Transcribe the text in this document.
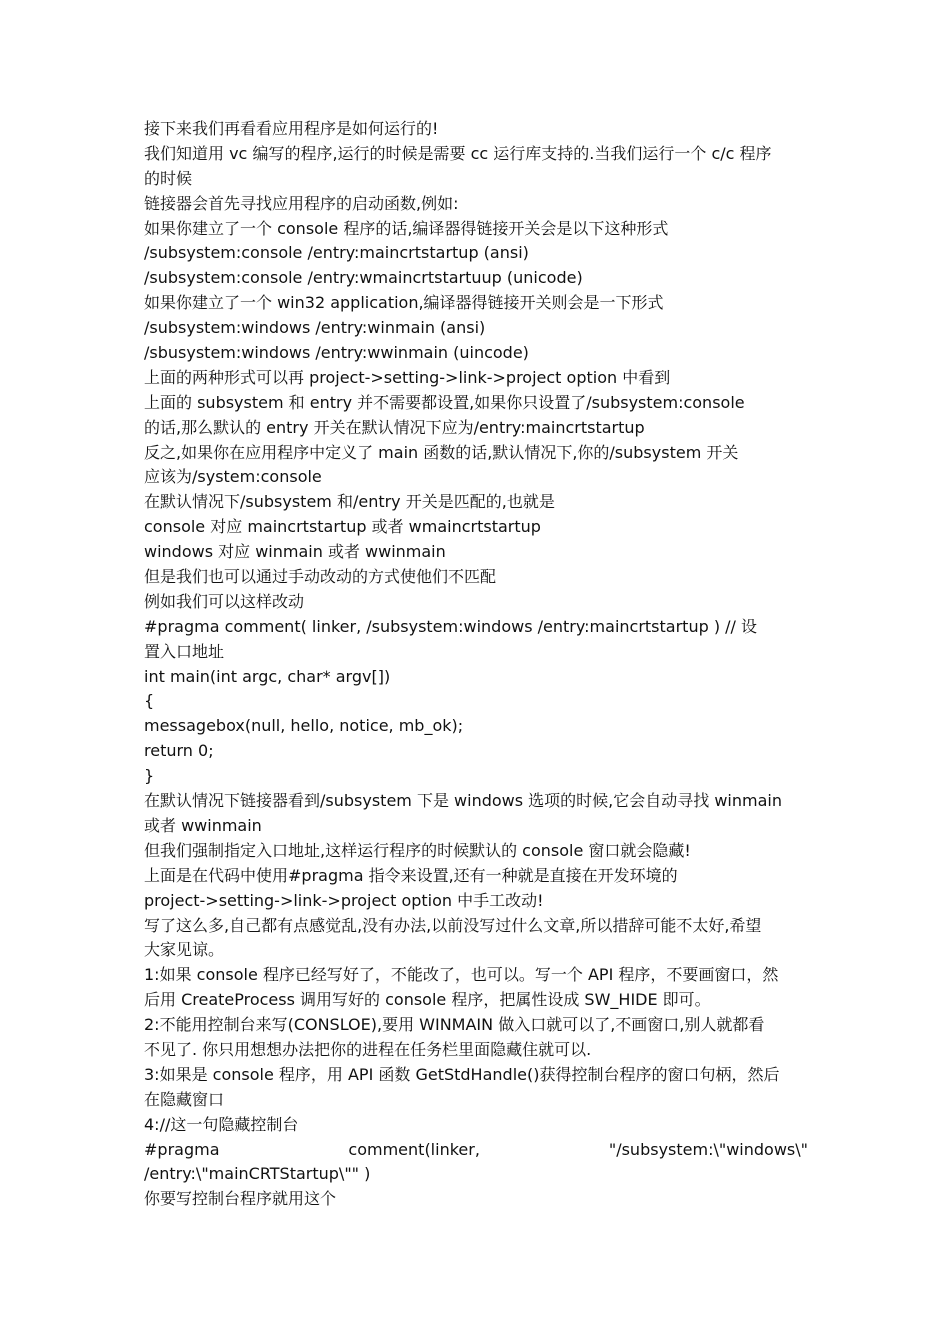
接下来我们再看看应用程序是如何运行的!
我们知道用 vc 编写的程序,运行的时候是需要 cc 运行库支持的.当我们运行一个 c/c 程序
的时候
链接器会首先寻找应用程序的启动函数,例如:
如果你建立了一个 console 程序的话,编译器得链接开关会是以下这种形式
/subsystem:console /entry:maincrtstartup (ansi)
/subsystem:console /entry:wmaincrtstartuup (unicode)
如果你建立了一个 win32 application,编译器得链接开关则会是一下形式
/subsystem:windows /entry:winmain (ansi)
/sbusystem:windows /entry:wwinmain (uincode)
上面的两种形式可以再 project->setting->link->project option 中看到
上面的 subsystem 和 entry 并不需要都设置,如果你只设置了/subsystem:console
的话,那么默认的 entry 开关在默认情况下应为/entry:maincrtstartup
反之,如果你在应用程序中定义了 main 函数的话,默认情况下,你的/subsystem 开关
应该为/system:console
在默认情况下/subsystem 和/entry 开关是匹配的,也就是
console 对应 maincrtstartup 或者 wmaincrtstartup
windows 对应 winmain 或者 wwinmain
但是我们也可以通过手动改动的方式使他们不匹配
例如我们可以这样改动
#pragma comment( linker, /subsystem:windows /entry:maincrtstartup ) // 设
置入口地址
int main(int argc, char* argv[])
{
messagebox(null, hello, notice, mb_ok);
return 0;
}
在默认情况下链接器看到/subsystem 下是 windows 选项的时候,它会自动寻找 winmain
或者 wwinmain
但我们强制指定入口地址,这样运行程序的时候默认的 console 窗口就会隐藏!
上面是在代码中使用#pragma 指令来设置,还有一种就是直接在开发环境的
project->setting->link->project option 中手工改动!
写了这么多,自己都有点感觉乱,没有办法,以前没写过什么文章,所以措辞可能不太好,希望
大家见谅。
1:如果 console 程序已经写好了，不能改了，也可以。写一个 API 程序，不要画窗口，然
后用 CreateProcess 调用写好的 console 程序，把属性设成 SW_HIDE 即可。
2:不能用控制台来写(CONSLOE),要用 WINMAIN 做入口就可以了,不画窗口,别人就都看
不见了. 你只用想想办法把你的进程在任务栏里面隐藏住就可以.
3:如果是 console 程序，用 API 函数 GetStdHandle()获得控制台程序的窗口句柄，然后
在隐藏窗口
4://这一句隐藏控制台
#pragma	comment(linker,	"/subsystem:\"windows\"
/entry:\"mainCRTStartup\"" )
你要写控制台程序就用这个
